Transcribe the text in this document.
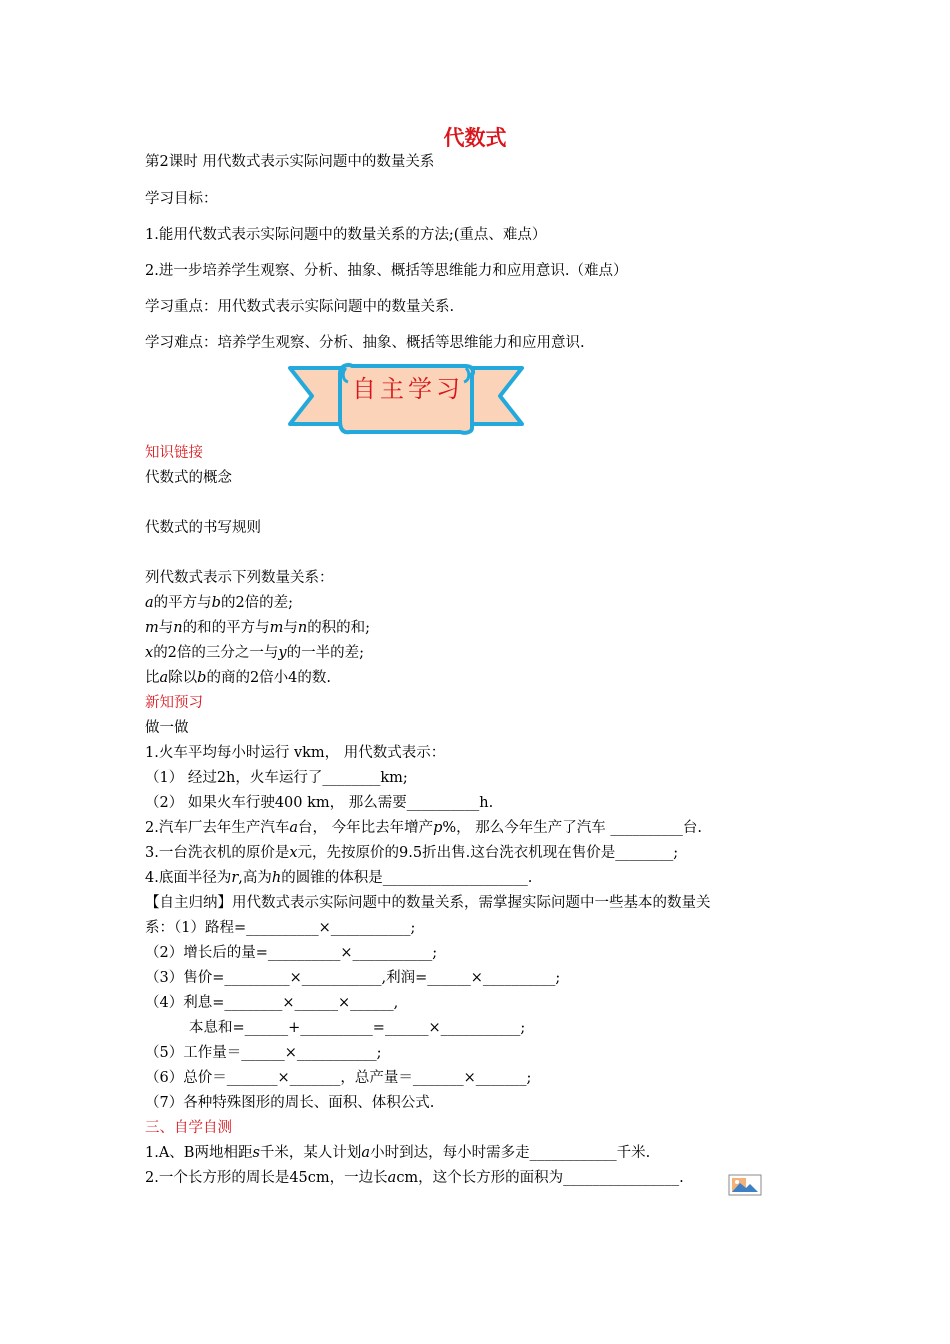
代数式
第2课时 用代数式表示实际问题中的数量关系
学习目标：
1.能用代数式表示实际问题中的数量关系的方法;(重点、难点）
2.进一步培养学生观察、分析、抽象、概括等思维能力和应用意识.（难点）
学习重点：用代数式表示实际问题中的数量关系.
学习难点：培养学生观察、分析、抽象、概括等思维能力和应用意识.
自主学习
知识链接
代数式的概念
代数式的书写规则
列代数式表示下列数量关系：
a的平方与b的2倍的差;
m与n的和的平方与m与n的积的和;
x的2倍的三分之一与y的一半的差;
比a除以b的商的2倍小4的数.
新知预习
做一做
1.火车平均每小时运行 vkm， 用代数式表示：
（1） 经过2h，火车运行了________km;
（2） 如果火车行驶400 km， 那么需要__________h.
2.汽车厂去年生产汽车a台， 今年比去年增产p%， 那么今年生产了汽车 __________台.
3.一台洗衣机的原价是x元，先按原价的9.5折出售.这台洗衣机现在售价是________;
4.底面半径为r,高为h的圆锥的体积是____________________.
【自主归纳】用代数式表示实际问题中的数量关系，需掌握实际问题中一些基本的数量关
系：（1）路程=__________×___________;
（2）增长后的量=__________×___________;
（3）售价=_________×___________,利润=______×__________;
（4）利息=________×______×______,
本息和=______+__________=______×___________;
（5）工作量＝______×___________;
（6）总价＝_______×_______，总产量＝_______×_______;
（7）各种特殊图形的周长、面积、体积公式.
三、自学自测
1.A、B两地相距s千米，某人计划a小时到达，每小时需多走____________千米.
2.一个长方形的周长是45cm，一边长acm，这个长方形的面积为________________.
